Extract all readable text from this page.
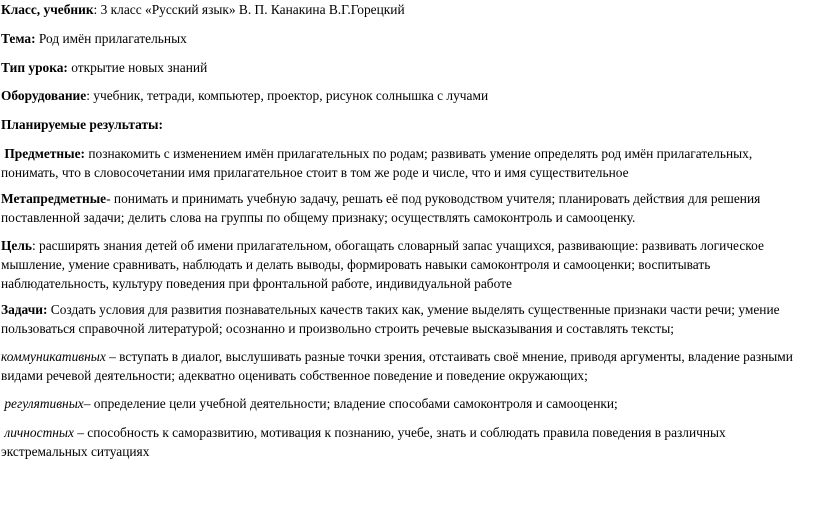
Класс, учебник: 3 класс «Русский язык» В. П. Канакина В.Г.Горецкий
Тема: Род имён прилагательных
Тип урока: открытие новых знаний
Оборудование: учебник, тетради, компьютер, проектор, рисунок солнышка с лучами
Планируемые результаты:
Предметные: познакомить с изменением имён прилагательных по родам; развивать умение определять род имён прилагательных,
понимать, что в словосочетании имя прилагательное стоит в том же роде и числе, что и имя существительное
Метапредметные- понимать и принимать учебную задачу, решать её под руководством учителя; планировать действия для решения
поставленной задачи; делить слова на группы по общему признаку; осуществлять самоконтроль и самооценку.
Цель: расширять знания детей об имени прилагательном, обогащать словарный запас учащихся, развивающие: развивать логическое
мышление, умение сравнивать, наблюдать и делать выводы, формировать навыки самоконтроля и самооценки; воспитывать
наблюдательность, культуру поведения при фронтальной работе, индивидуальной работе
Задачи: Создать условия для развития познавательных качеств таких как, умение выделять существенные признаки части речи; умение
пользоваться справочной литературой; осознанно и произвольно строить речевые высказывания и составлять тексты;
коммуникативных – вступать в диалог, выслушивать разные точки зрения, отстаивать своё мнение, приводя аргументы, владение разными
видами речевой деятельности; адекватно оценивать собственное поведение и поведение окружающих;
регулятивных– определение цели учебной деятельности; владение способами самоконтроля и самооценки;
личностных – способность к саморазвитию, мотивация к познанию, учебе, знать и соблюдать правила поведения в различных
экстремальных ситуациях
